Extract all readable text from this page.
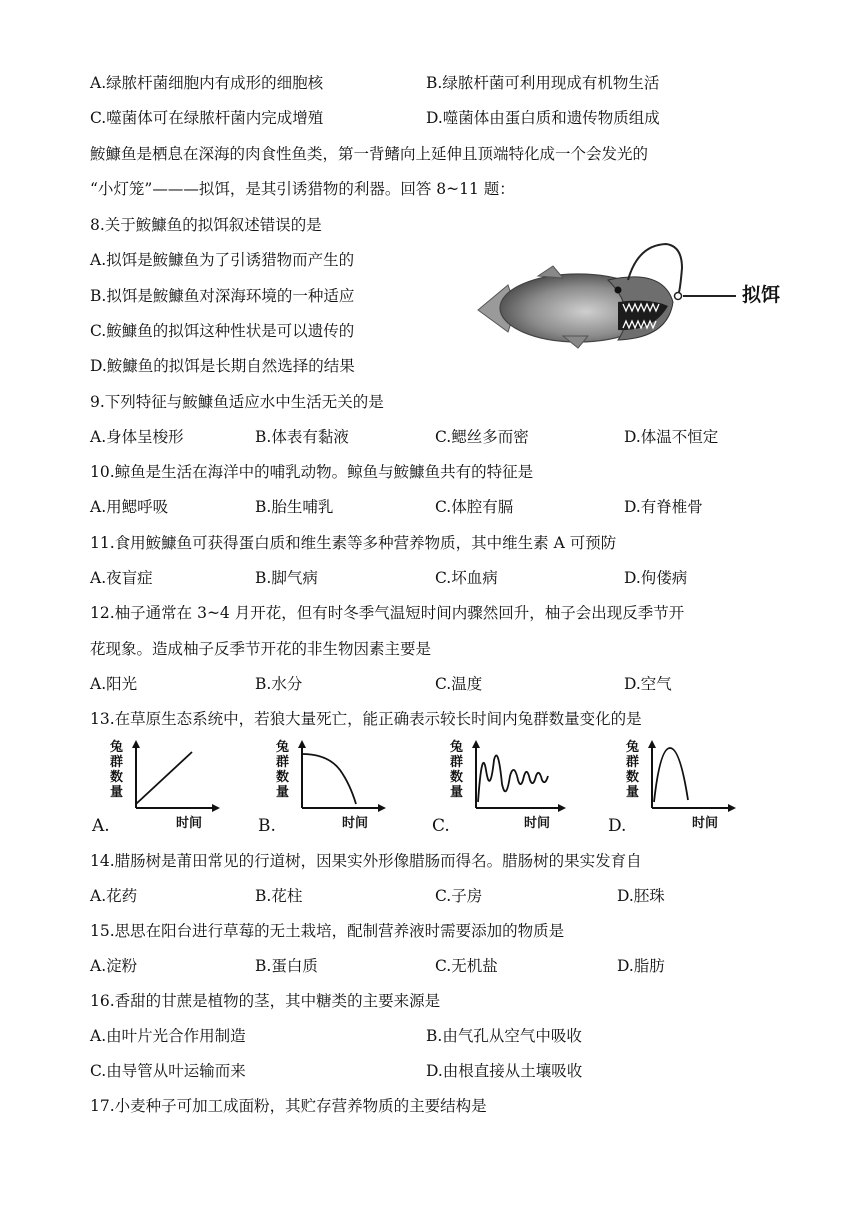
A.绿脓杆菌细胞内有成形的细胞核	B.绿脓杆菌可利用现成有机物生活
C.噬菌体可在绿脓杆菌内完成增殖	D.噬菌体由蛋白质和遗传物质组成
鮟鱇鱼是栖息在深海的肉食性鱼类，第一背鳍向上延伸且顶端特化成一个会发光的
“小灯笼”———拟饵，是其引诱猎物的利器。回答 8~11 题：
8.关于鮟鱇鱼的拟饵叙述错误的是
A.拟饵是鮟鱇鱼为了引诱猎物而产生的
B.拟饵是鮟鱇鱼对深海环境的一种适应
C.鮟鱇鱼的拟饵这种性状是可以遗传的
D.鮟鱇鱼的拟饵是长期自然选择的结果
拟饵
9.下列特征与鮟鱇鱼适应水中生活无关的是
A.身体呈梭形	B.体表有黏液	C.鳃丝多而密	D.体温不恒定
10.鲸鱼是生活在海洋中的哺乳动物。鲸鱼与鮟鱇鱼共有的特征是
A.用鳃呼吸	B.胎生哺乳	C.体腔有膈	D.有脊椎骨
11.食用鮟鱇鱼可获得蛋白质和维生素等多种营养物质，其中维生素 A 可预防
A.夜盲症	B.脚气病	C.坏血病	D.佝偻病
12.柚子通常在 3~4 月开花，但有时冬季气温短时间内骤然回升，柚子会出现反季节开
花现象。造成柚子反季节开花的非生物因素主要是
A.阳光	B.水分	C.温度	D.空气
13.在草原生态系统中，若狼大量死亡，能正确表示较长时间内兔群数量变化的是
兔
群
数
量
时间
A.
兔
群
数
量
时间
B.
兔
群
数
量
时间
C.
兔
群
数
量
时间
D.
14.腊肠树是莆田常见的行道树，因果实外形像腊肠而得名。腊肠树的果实发育自
A.花药	B.花柱	C.子房	D.胚珠
15.思思在阳台进行草莓的无土栽培，配制营养液时需要添加的物质是
A.淀粉	B.蛋白质	C.无机盐	D.脂肪
16.香甜的甘蔗是植物的茎，其中糖类的主要来源是
A.由叶片光合作用制造	B.由气孔从空气中吸收
C.由导管从叶运输而来	D.由根直接从土壤吸收
17.小麦种子可加工成面粉，其贮存营养物质的主要结构是
